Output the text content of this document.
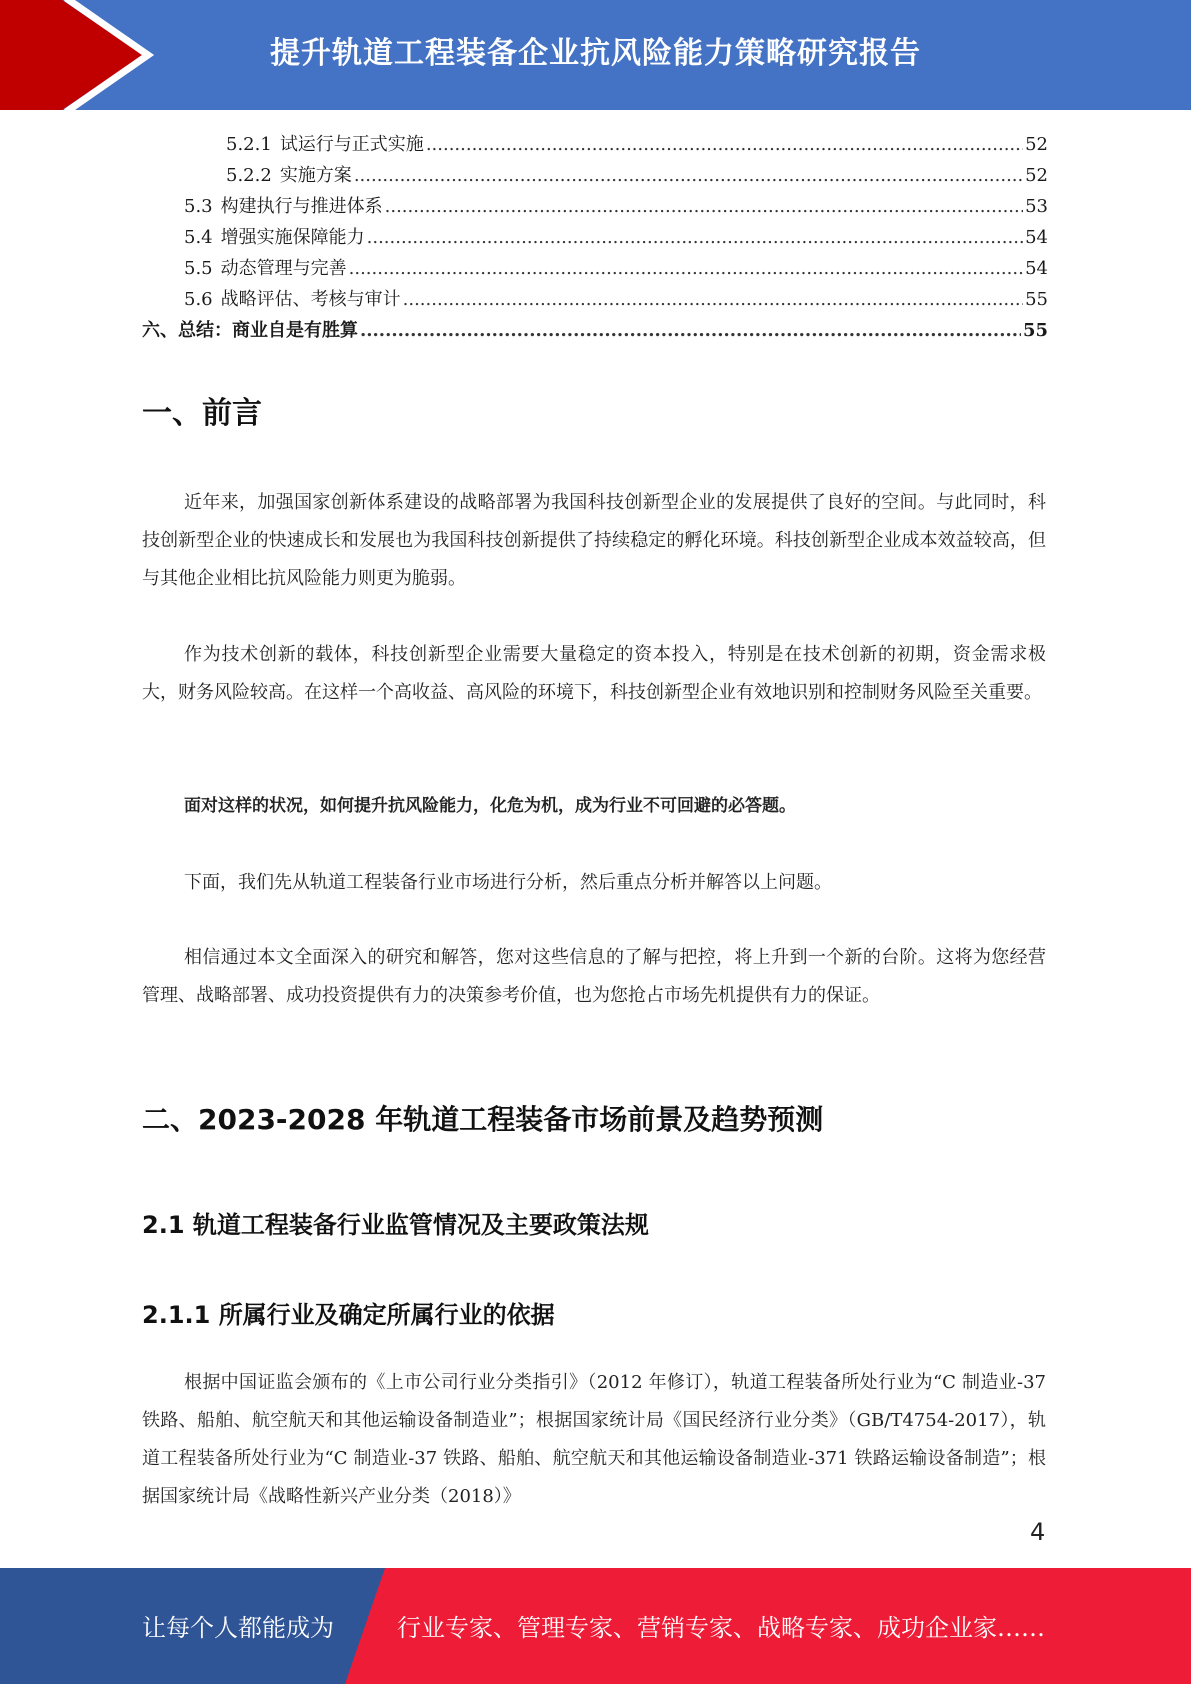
提升轨道工程装备企业抗风险能力策略研究报告
5.2.1 试运行与正式实施 .....	52
5.2.2 实施方案 .....	52
5.3 构建执行与推进体系 .....	53
5.4 增强实施保障能力 .....	54
5.5 动态管理与完善 .....	54
5.6 战略评估、考核与审计 .....	55
六、 总结：商业自是有胜算 .....	55
一、前言
近年来，加强国家创新体系建设的战略部署为我国科技创新型企业的发展提供了良好的空间。与此同时，科技创新型企业的快速成长和发展也为我国科技创新提供了持续稳定的孵化环境。科技创新型企业成本效益较高，但与其他企业相比抗风险能力则更为脆弱。
作为技术创新的载体，科技创新型企业需要大量稳定的资本投入，特别是在技术创新的初期，资金需求极大，财务风险较高。在这样一个高收益、高风险的环境下，科技创新型企业有效地识别和控制财务风险至关重要。
面对这样的状况，如何提升抗风险能力，化危为机，成为行业不可回避的必答题。
下面，我们先从轨道工程装备行业市场进行分析，然后重点分析并解答以上问题。
相信通过本文全面深入的研究和解答，您对这些信息的了解与把控，将上升到一个新的台阶。这将为您经营管理、战略部署、成功投资提供有力的决策参考价值，也为您抢占市场先机提供有力的保证。
二、2023-2028 年轨道工程装备市场前景及趋势预测
2.1 轨道工程装备行业监管情况及主要政策法规
2.1.1 所属行业及确定所属行业的依据
根据中国证监会颁布的《上市公司行业分类指引》（2012 年修订），轨道工程装备所处行业为“C 制造业-37 铁路、船舶、航空航天和其他运输设备制造业”；根据国家统计局《国民经济行业分类》（GB/T4754-2017），轨道工程装备所处行业为“C 制造业-37 铁路、船舶、航空航天和其他运输设备制造业-371 铁路运输设备制造”；根据国家统计局《战略性新兴产业分类（2018）》
4
让每个人都能成为	行业专家、管理专家、营销专家、战略专家、成功企业家……
